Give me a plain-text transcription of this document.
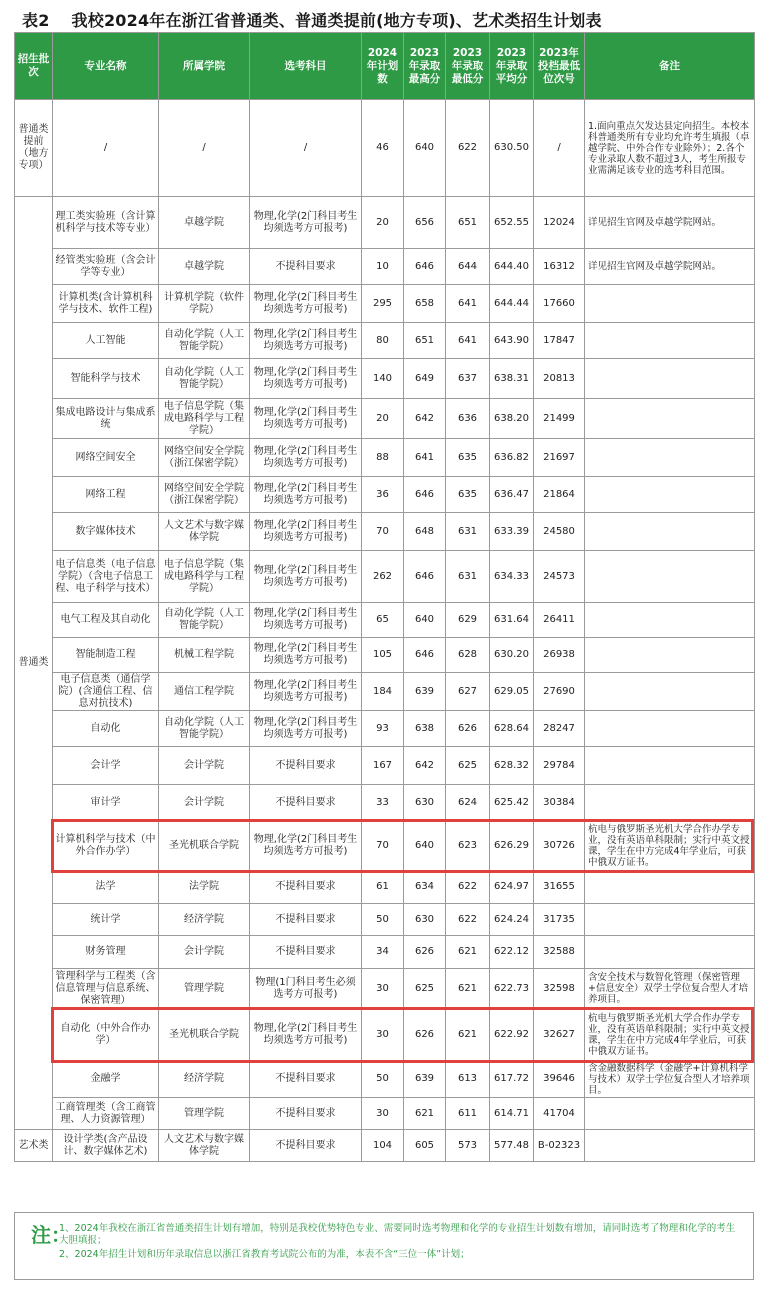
表2 我校2024年在浙江省普通类、普通类提前(地方专项)、艺术类招生计划表
招生批次	专业名称	所属学院	选考科目	2024年计划数	2023年录取最高分	2023年录取最低分	2023年录取平均分	2023年投档最低位次号	备注
普通类提前（地方专项）	/	/	/	46	640	622	630.50	/	1.面向重点欠发达县定向招生。本校本科普通类所有专业均允许考生填报（卓越学院、中外合作专业除外）；2.各个专业录取人数不超过3人，考生所报专业需满足该专业的选考科目范围。
普通类	理工类实验班（含计算机科学与技术等专业）	卓越学院	物理,化学(2门科目考生均须选考方可报考)	20	656	651	652.55	12024	详见招生官网及卓越学院网站。
	经管类实验班（含会计学等专业）	卓越学院	不提科目要求	10	646	644	644.40	16312	详见招生官网及卓越学院网站。
	计算机类(含计算机科学与技术、软件工程)	计算机学院（软件学院）	物理,化学(2门科目考生均须选考方可报考)	295	658	641	644.44	17660	
	人工智能	自动化学院（人工智能学院）	物理,化学(2门科目考生均须选考方可报考)	80	651	641	643.90	17847	
	智能科学与技术	自动化学院（人工智能学院）	物理,化学(2门科目考生均须选考方可报考)	140	649	637	638.31	20813	
	集成电路设计与集成系统	电子信息学院（集成电路科学与工程学院）	物理,化学(2门科目考生均须选考方可报考)	20	642	636	638.20	21499	
	网络空间安全	网络空间安全学院（浙江保密学院）	物理,化学(2门科目考生均须选考方可报考)	88	641	635	636.82	21697	
	网络工程	网络空间安全学院（浙江保密学院）	物理,化学(2门科目考生均须选考方可报考)	36	646	635	636.47	21864	
	数字媒体技术	人文艺术与数字媒体学院	物理,化学(2门科目考生均须选考方可报考)	70	648	631	633.39	24580	
	电子信息类（电子信息学院）（含电子信息工程、电子科学与技术）	电子信息学院（集成电路科学与工程学院）	物理,化学(2门科目考生均须选考方可报考)	262	646	631	634.33	24573	
	电气工程及其自动化	自动化学院（人工智能学院）	物理,化学(2门科目考生均须选考方可报考)	65	640	629	631.64	26411	
	智能制造工程	机械工程学院	物理,化学(2门科目考生均须选考方可报考)	105	646	628	630.20	26938	
	电子信息类（通信学院）(含通信工程、信息对抗技术)	通信工程学院	物理,化学(2门科目考生均须选考方可报考)	184	639	627	629.05	27690	
	自动化	自动化学院（人工智能学院）	物理,化学(2门科目考生均须选考方可报考)	93	638	626	628.64	28247	
	会计学	会计学院	不提科目要求	167	642	625	628.32	29784	
	审计学	会计学院	不提科目要求	33	630	624	625.42	30384	
	计算机科学与技术（中外合作办学）	圣光机联合学院	物理,化学(2门科目考生均须选考方可报考)	70	640	623	626.29	30726	杭电与俄罗斯圣光机大学合作办学专业，没有英语单科限制；实行中英文授课，学生在中方完成4年学业后，可获中俄双方证书。
	法学	法学院	不提科目要求	61	634	622	624.97	31655	
	统计学	经济学院	不提科目要求	50	630	622	624.24	31735	
	财务管理	会计学院	不提科目要求	34	626	621	622.12	32588	
	管理科学与工程类（含信息管理与信息系统、保密管理）	管理学院	物理(1门科目考生必须选考方可报考)	30	625	621	622.73	32598	含安全技术与数智化管理（保密管理+信息安全）双学士学位复合型人才培养项目。
	自动化（中外合作办学）	圣光机联合学院	物理,化学(2门科目考生均须选考方可报考)	30	626	621	622.92	32627	杭电与俄罗斯圣光机大学合作办学专业，没有英语单科限制；实行中英文授课，学生在中方完成4年学业后，可获中俄双方证书。
	金融学	经济学院	不提科目要求	50	639	613	617.72	39646	含金融数据科学（金融学+计算机科学与技术）双学士学位复合型人才培养项目。
	工商管理类（含工商管理、人力资源管理）	管理学院	不提科目要求	30	621	611	614.71	41704	
艺术类	设计学类(含产品设计、数字媒体艺术)	人文艺术与数字媒体学院	不提科目要求	104	605	573	577.48	B-02323	
注：
1、2024年我校在浙江省普通类招生计划有增加，特别是我校优势特色专业、需要同时选考物理和化学的专业招生计划数有增加，请同时选考了物理和化学的考生大胆填报；
2、2024年招生计划和历年录取信息以浙江省教育考试院公布的为准，本表不含“三位一体”计划；
